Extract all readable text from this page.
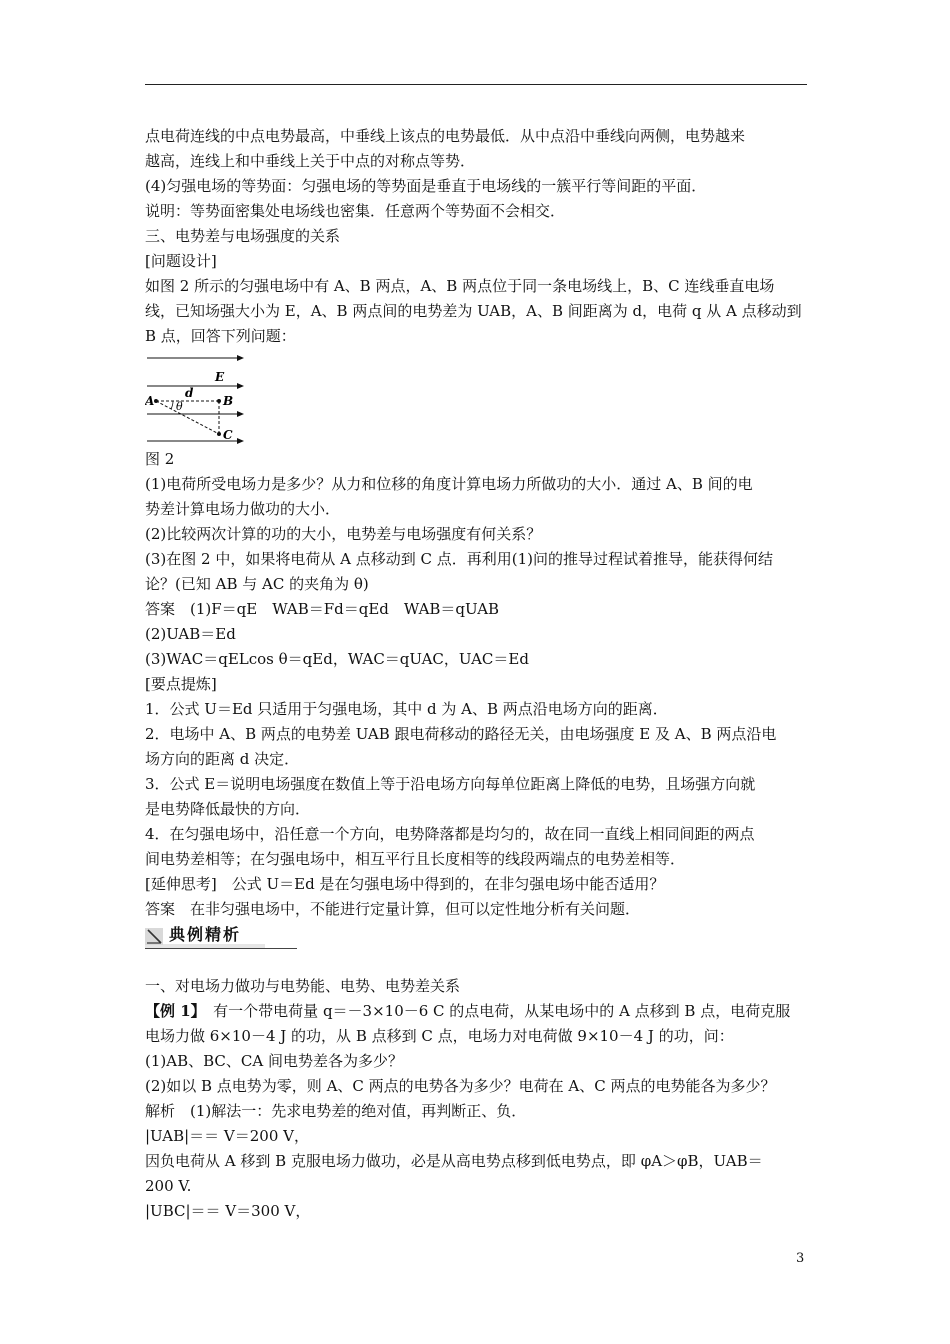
点电荷连线的中点电势最高，中垂线上该点的电势最低．从中点沿中垂线向两侧，电势越来

越高，连线上和中垂线上关于中点的对称点等势．

(4)匀强电场的等势面：匀强电场的等势面是垂直于电场线的一簇平行等间距的平面．

说明：等势面密集处电场线也密集．任意两个等势面不会相交．

三、电势差与电场强度的关系

[问题设计]

如图 2 所示的匀强电场中有 A、B 两点，A、B 两点位于同一条电场线上，B、C 连线垂直电场

线，已知场强大小为 E，A、B 两点间的电势差为 UAB，A、B 间距离为 d，电荷 q 从 A 点移动到

B 点，回答下列问题：

E
d
θ
A	B
C

图 2

(1)电荷所受电场力是多少？从力和位移的角度计算电场力所做功的大小．通过 A、B 间的电

势差计算电场力做功的大小．

(2)比较两次计算的功的大小，电势差与电场强度有何关系？

(3)在图 2 中，如果将电荷从 A 点移动到 C 点．再利用(1)问的推导过程试着推导，能获得何结

论？(已知 AB 与 AC 的夹角为 θ)

答案　(1)F＝qE　WAB＝Fd＝qEd　WAB＝qUAB

(2)UAB＝Ed

(3)WAC＝qELcos θ＝qEd，WAC＝qUAC，UAC＝Ed

[要点提炼]

1．公式 U＝Ed 只适用于匀强电场，其中 d 为 A、B 两点沿电场方向的距离．

2．电场中 A、B 两点的电势差 UAB 跟电荷移动的路径无关，由电场强度 E 及 A、B 两点沿电

场方向的距离 d 决定．

3．公式 E＝说明电场强度在数值上等于沿电场方向每单位距离上降低的电势，且场强方向就

是电势降低最快的方向．

4．在匀强电场中，沿任意一个方向，电势降落都是均匀的，故在同一直线上相同间距的两点

间电势差相等；在匀强电场中，相互平行且长度相等的线段两端点的电势差相等．

[延伸思考]　公式 U＝Ed 是在匀强电场中得到的，在非匀强电场中能否适用？

答案　在非匀强电场中，不能进行定量计算，但可以定性地分析有关问题．

典例精析

一、对电场力做功与电势能、电势、电势差关系

【例 1】　有一个带电荷量 q＝－3×10－6 C 的点电荷，从某电场中的 A 点移到 B 点，电荷克服

电场力做 6×10－4 J 的功，从 B 点移到 C 点，电场力对电荷做 9×10－4 J 的功，问：

(1)AB、BC、CA 间电势差各为多少？

(2)如以 B 点电势为零，则 A、C 两点的电势各为多少？电荷在 A、C 两点的电势能各为多少？

解析　(1)解法一：先求电势差的绝对值，再判断正、负．

|UAB|＝＝ V＝200 V，

因负电荷从 A 移到 B 克服电场力做功，必是从高电势点移到低电势点，即 φA＞φB，UAB＝

200 V.

|UBC|＝＝ V＝300 V，

3
